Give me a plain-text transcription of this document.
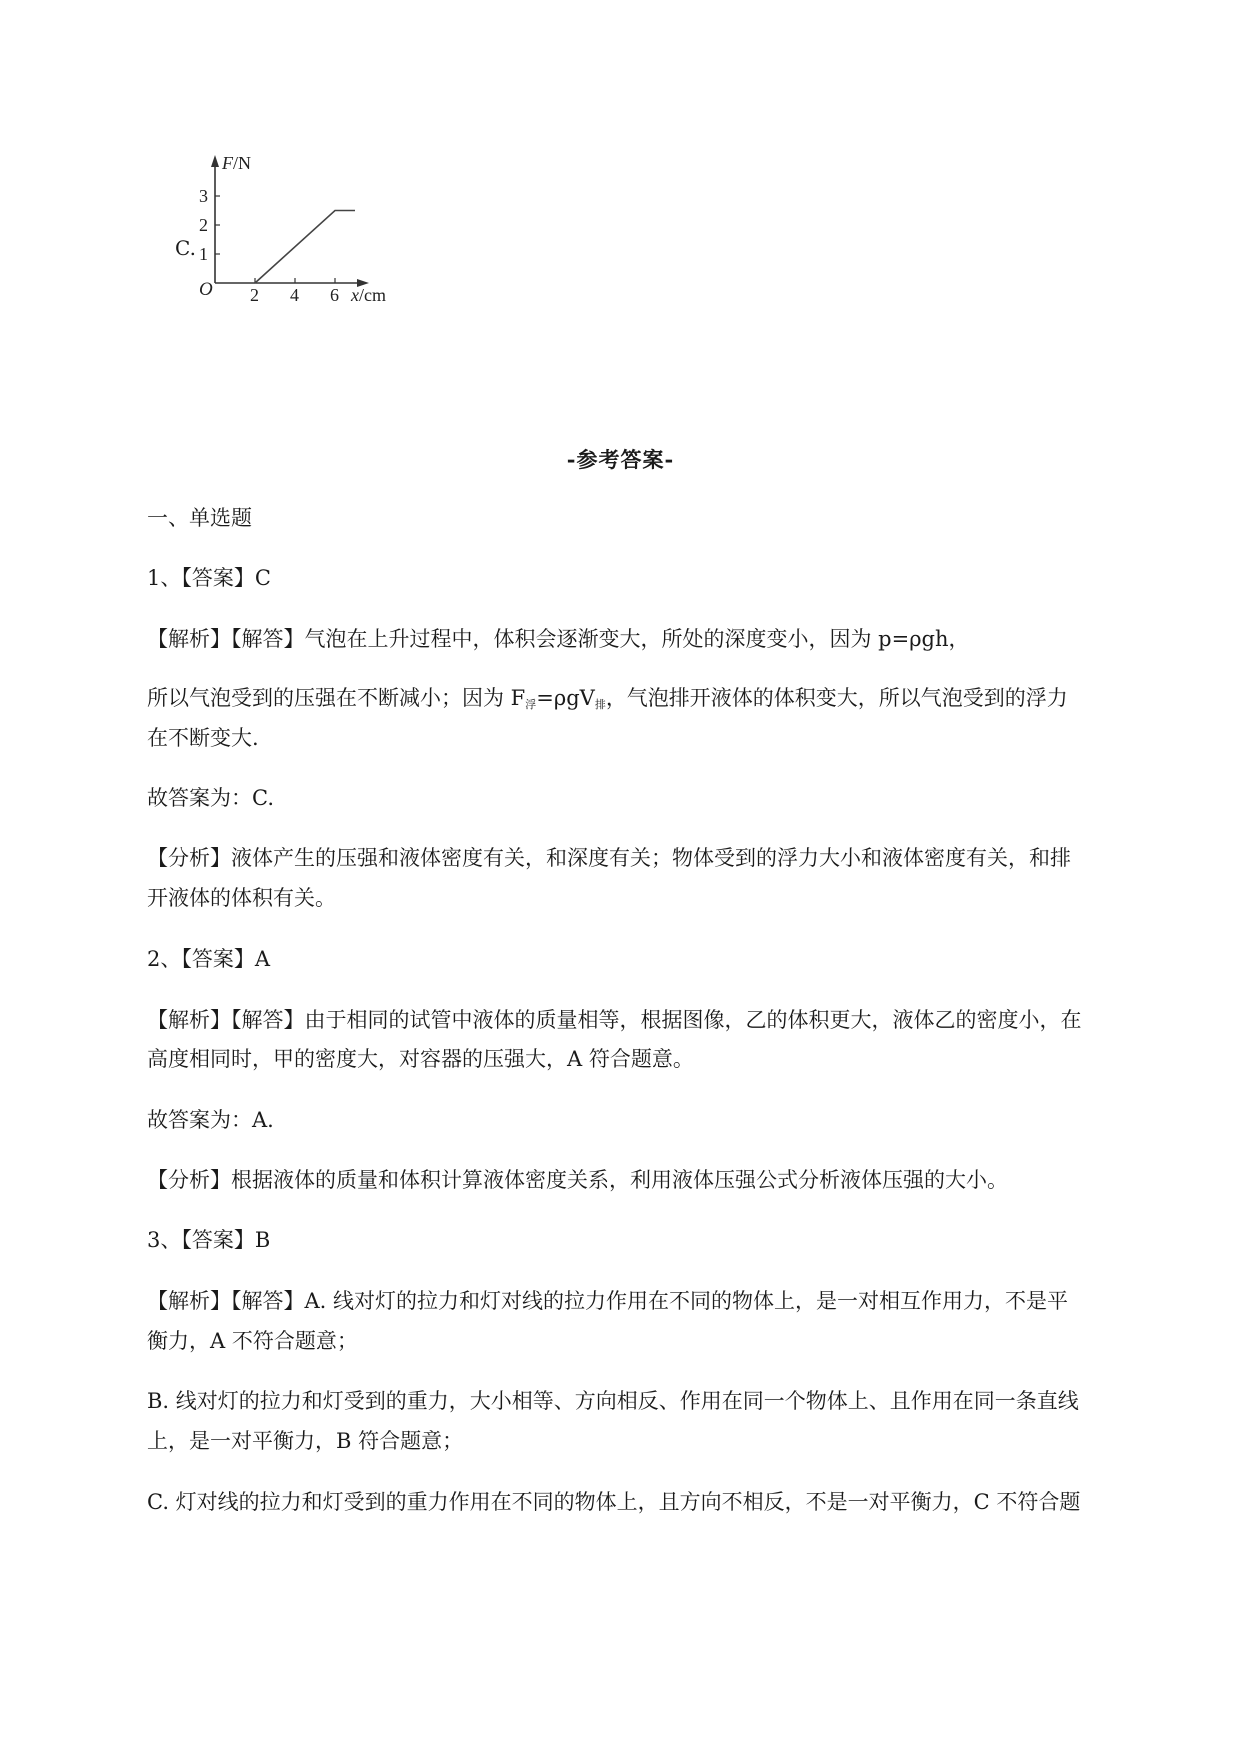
C.
F/N
x/cm
O
1
2
3
2 4 6
-参考答案-
一、单选题
1、【答案】C
【解析】【解答】气泡在上升过程中，体积会逐渐变大，所处的深度变小，因为 p=ρgh，
所以气泡受到的压强在不断减小；因为 $F_浮=\rho gV_排$，气泡排开液体的体积变大，所以气泡受到的浮力
在不断变大.
故答案为：C.
【分析】液体产生的压强和液体密度有关，和深度有关；物体受到的浮力大小和液体密度有关，和排
开液体的体积有关。
2、【答案】A
【解析】【解答】由于相同的试管中液体的质量相等，根据图像，乙的体积更大，液体乙的密度小，在
高度相同时，甲的密度大，对容器的压强大，A 符合题意。
故答案为：A.
【分析】根据液体的质量和体积计算液体密度关系，利用液体压强公式分析液体压强的大小。
3、【答案】B
【解析】【解答】A. 线对灯的拉力和灯对线的拉力作用在不同的物体上，是一对相互作用力，不是平
衡力，A 不符合题意；
B. 线对灯的拉力和灯受到的重力，大小相等、方向相反、作用在同一个物体上、且作用在同一条直线
上，是一对平衡力，B 符合题意；
C. 灯对线的拉力和灯受到的重力作用在不同的物体上，且方向不相反，不是一对平衡力，C 不符合题
